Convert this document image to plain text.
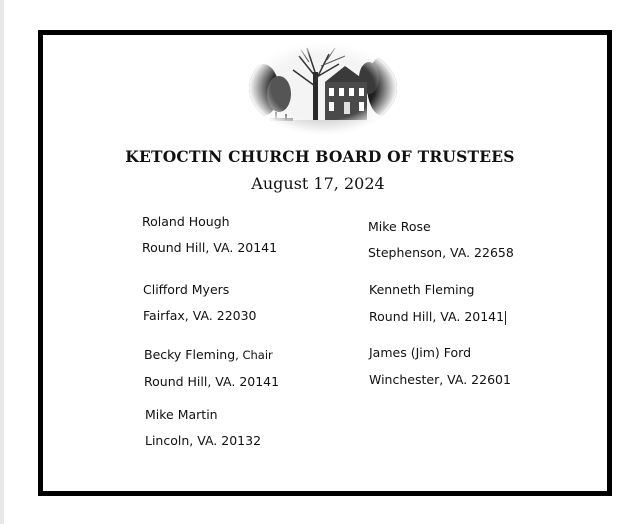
KETOCTIN CHURCH BOARD OF TRUSTEES
August 17, 2024
Roland Hough
Round Hill, VA. 20141
Clifford Myers
Fairfax, VA. 22030
Becky Fleming, Chair
Round Hill, VA. 20141
Mike Martin
Lincoln, VA. 20132
Mike Rose
Stephenson, VA. 22658
Kenneth Fleming
Round Hill, VA. 20141
James (Jim) Ford
Winchester, VA. 22601
